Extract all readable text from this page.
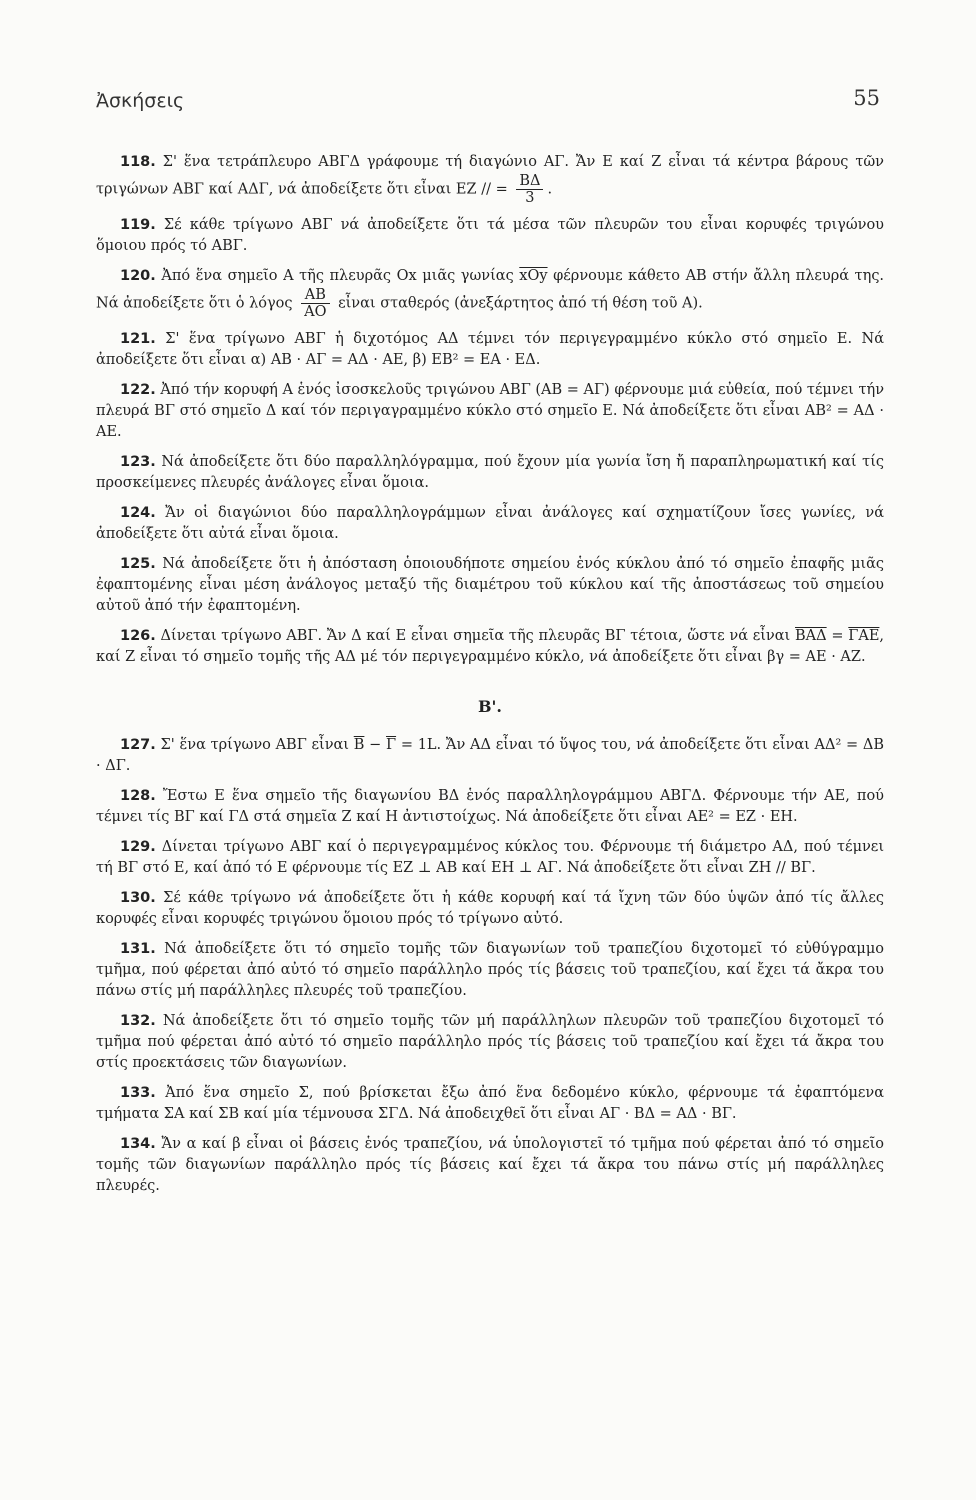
Ἀσκήσεις	55

118. Σ' ἕνα τετράπλευρο ΑΒΓΔ γράφουμε τή διαγώνιο ΑΓ. Ἄν Ε καί Ζ εἶναι τά κέντρα βάρους τῶν τριγώνων ΑΒΓ καί ΑΔΓ, νά ἀποδείξετε ὅτι εἶναι ΕΖ // = $\frac{B\Delta}{3}$ .

119. Σέ κάθε τρίγωνο ΑΒΓ νά ἀποδείξετε ὅτι τά μέσα τῶν πλευρῶν του εἶναι κορυφές τριγώνου ὅμοιου πρός τό ΑΒΓ.

120. Ἀπό ἕνα σημεῖο Α τῆς πλευρᾶς Οx μιᾶς γωνίας $\overline{xOy}$ φέρνουμε κάθετο ΑΒ στήν ἄλλη πλευρά της. Νά ἀποδείξετε ὅτι ὁ λόγος $\frac{AB}{AO}$ εἶναι σταθερός (ἀνεξάρτητος ἀπό τή θέση τοῦ Α).

121. Σ' ἕνα τρίγωνο ΑΒΓ ἡ διχοτόμος ΑΔ τέμνει τόν περιγεγραμμένο κύκλο στό σημεῖο Ε. Νά ἀποδείξετε ὅτι εἶναι α) ΑΒ · ΑΓ = ΑΔ · ΑΕ, β) ΕΒ² = ΕΑ · ΕΔ.

122. Ἀπό τήν κορυφή Α ἑνός ἰσοσκελοῦς τριγώνου ΑΒΓ (ΑΒ = ΑΓ) φέρνουμε μιά εὐθεία, πού τέμνει τήν πλευρά ΒΓ στό σημεῖο Δ καί τόν περιγαγραμμένο κύκλο στό σημεῖο Ε. Νά ἀποδείξετε ὅτι εἶναι ΑΒ² = ΑΔ · ΑΕ.

123. Νά ἀποδείξετε ὅτι δύο παραλληλόγραμμα, πού ἔχουν μία γωνία ἴση ἤ παραπληρωματική καί τίς προσκείμενες πλευρές ἀνάλογες εἶναι ὅμοια.

124. Ἄν οἱ διαγώνιοι δύο παραλληλογράμμων εἶναι ἀνάλογες καί σχηματίζουν ἴσες γωνίες, νά ἀποδείξετε ὅτι αὐτά εἶναι ὅμοια.

125. Νά ἀποδείξετε ὅτι ἡ ἀπόσταση ὁποιουδήποτε σημείου ἑνός κύκλου ἀπό τό σημεῖο ἐπαφῆς μιᾶς ἐφαπτομένης εἶναι μέση ἀνάλογος μεταξύ τῆς διαμέτρου τοῦ κύκλου καί τῆς ἀποστάσεως τοῦ σημείου αὐτοῦ ἀπό τήν ἐφαπτομένη.

126. Δίνεται τρίγωνο ΑΒΓ. Ἄν Δ καί Ε εἶναι σημεῖα τῆς πλευρᾶς ΒΓ τέτοια, ὥστε νά εἶναι $\overline{BA\Delta} = \overline{\Gamma AE}$, καί Ζ εἶναι τό σημεῖο τομῆς τῆς ΑΔ μέ τόν περιγεγραμμένο κύκλο, νά ἀποδείξετε ὅτι εἶναι βγ = ΑΕ · ΑΖ.

Β'.

127. Σ' ἕνα τρίγωνο ΑΒΓ εἶναι $\overline{B} - \overline{\Gamma} = 1L$. Ἄν ΑΔ εἶναι τό ὕψος του, νά ἀποδείξετε ὅτι εἶναι ΑΔ² = ΔΒ · ΔΓ.

128. Ἔστω Ε ἕνα σημεῖο τῆς διαγωνίου ΒΔ ἑνός παραλληλογράμμου ΑΒΓΔ. Φέρνουμε τήν ΑΕ, πού τέμνει τίς ΒΓ καί ΓΔ στά σημεῖα Ζ καί Η ἀντιστοίχως. Νά ἀποδείξετε ὅτι εἶναι ΑΕ² = ΕΖ · ΕΗ.

129. Δίνεται τρίγωνο ΑΒΓ καί ὁ περιγεγραμμένος κύκλος του. Φέρνουμε τή διάμετρο ΑΔ, πού τέμνει τή ΒΓ στό Ε, καί ἀπό τό Ε φέρνουμε τίς ΕΖ ⊥ ΑΒ καί ΕΗ ⊥ ΑΓ. Νά ἀποδείξετε ὅτι εἶναι ΖΗ // ΒΓ.

130. Σέ κάθε τρίγωνο νά ἀποδείξετε ὅτι ἡ κάθε κορυφή καί τά ἴχνη τῶν δύο ὑψῶν ἀπό τίς ἄλλες κορυφές εἶναι κορυφές τριγώνου ὅμοιου πρός τό τρίγωνο αὐτό.

131. Νά ἀποδείξετε ὅτι τό σημεῖο τομῆς τῶν διαγωνίων τοῦ τραπεζίου διχοτομεῖ τό εὐθύγραμμο τμῆμα, πού φέρεται ἀπό αὐτό τό σημεῖο παράλληλο πρός τίς βάσεις τοῦ τραπεζίου, καί ἔχει τά ἄκρα του πάνω στίς μή παράλληλες πλευρές τοῦ τραπεζίου.

132. Νά ἀποδείξετε ὅτι τό σημεῖο τομῆς τῶν μή παράλληλων πλευρῶν τοῦ τραπεζίου διχοτομεῖ τό τμῆμα πού φέρεται ἀπό αὐτό τό σημεῖο παράλληλο πρός τίς βάσεις τοῦ τραπεζίου καί ἔχει τά ἄκρα του στίς προεκτάσεις τῶν διαγωνίων.

133. Ἀπό ἕνα σημεῖο Σ, πού βρίσκεται ἔξω ἀπό ἕνα δεδομένο κύκλο, φέρνουμε τά ἐφαπτόμενα τμήματα ΣΑ καί ΣΒ καί μία τέμνουσα ΣΓΔ. Νά ἀποδειχθεῖ ὅτι εἶναι ΑΓ · ΒΔ = ΑΔ · ΒΓ.

134. Ἄν α καί β εἶναι οἱ βάσεις ἑνός τραπεζίου, νά ὑπολογιστεῖ τό τμῆμα πού φέρεται ἀπό τό σημεῖο τομῆς τῶν διαγωνίων παράλληλο πρός τίς βάσεις καί ἔχει τά ἄκρα του πάνω στίς μή παράλληλες πλευρές.
